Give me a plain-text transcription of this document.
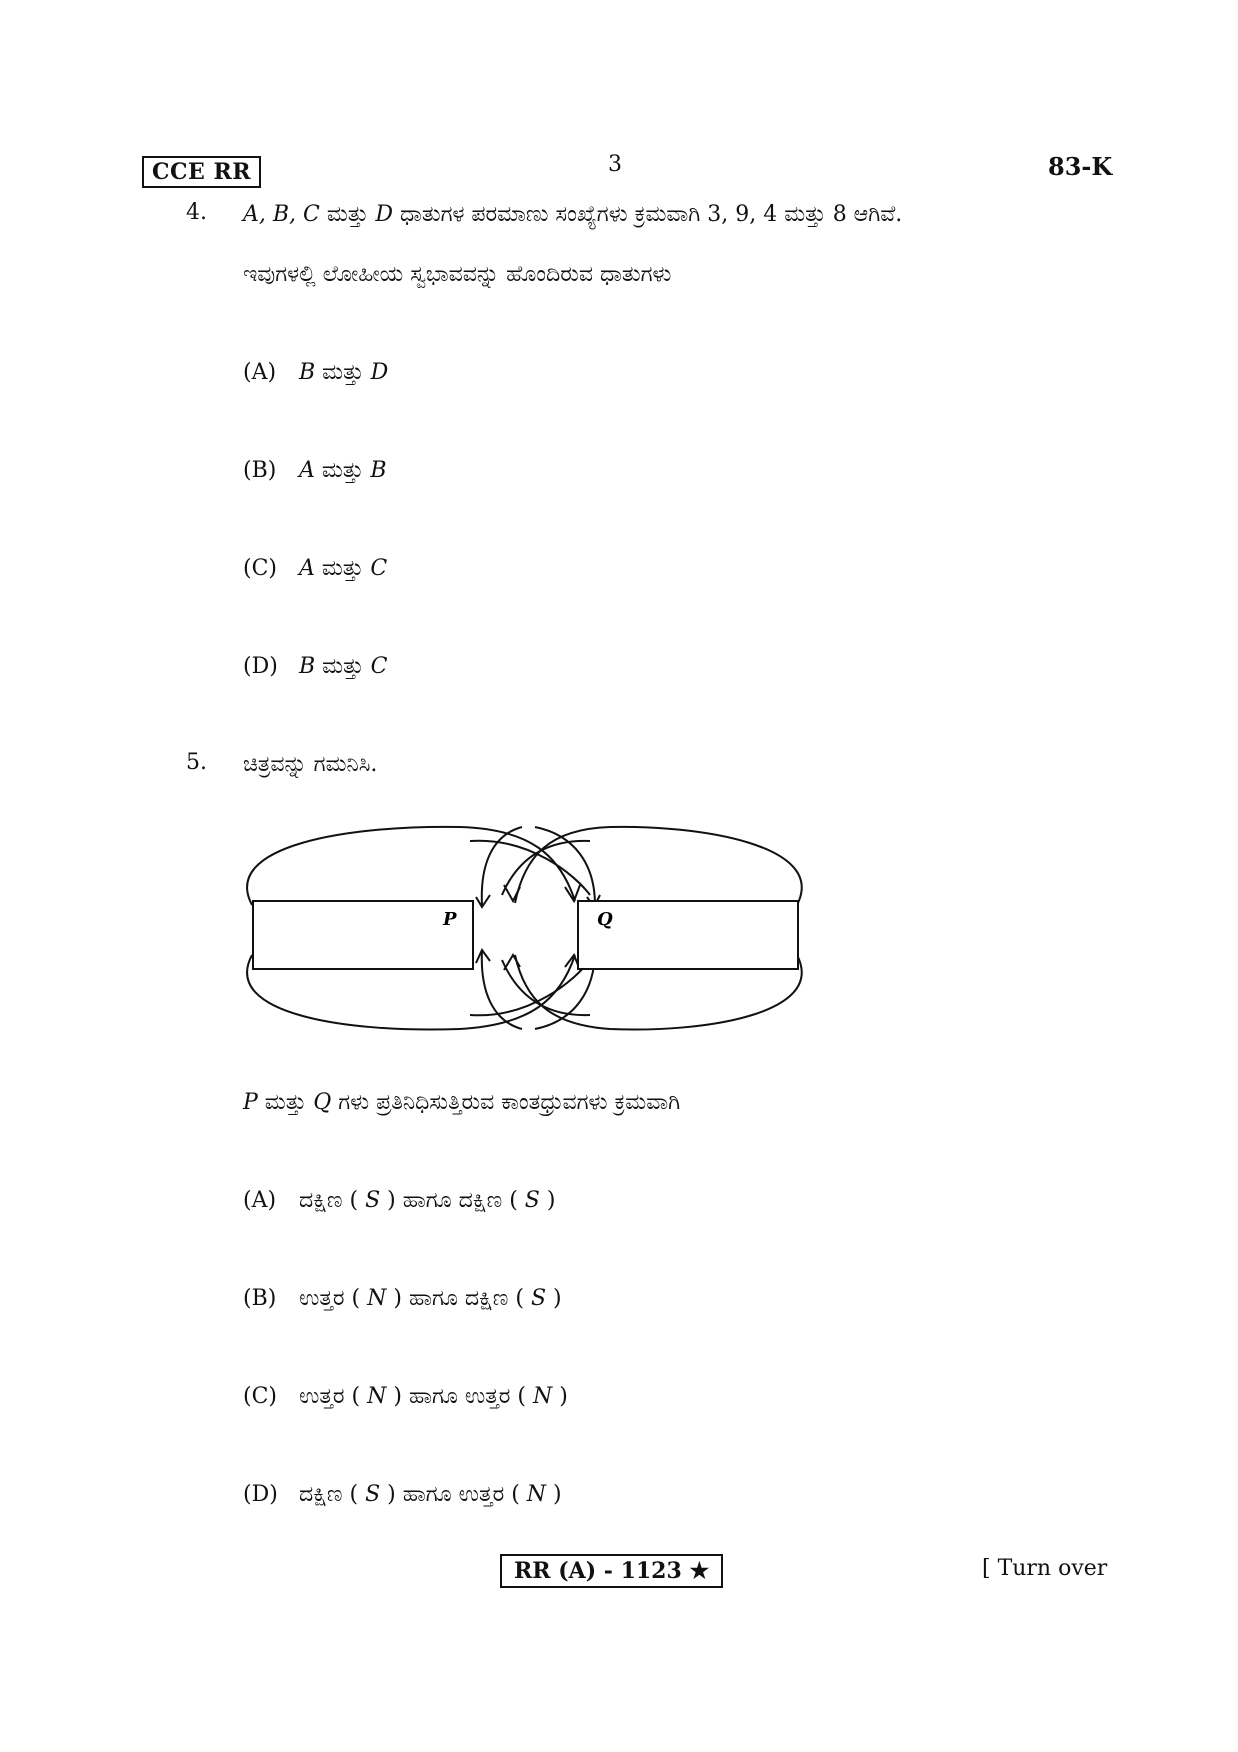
CCE RR	3	83-K
4. A, B, C ಮತ್ತು D ಧಾತುಗಳ ಪರಮಾಣು ಸಂಖ್ಯೆಗಳು ಕ್ರಮವಾಗಿ 3, 9, 4 ಮತ್ತು 8 ಆಗಿವೆ.
ಇವುಗಳಲ್ಲಿ ಲೋಹೀಯ ಸ್ವಭಾವವನ್ನು ಹೊಂದಿರುವ ಧಾತುಗಳು
(A) B ಮತ್ತು D
(B) A ಮತ್ತು B
(C) A ಮತ್ತು C
(D) B ಮತ್ತು C
5. ಚಿತ್ರವನ್ನು ಗಮನಿಸಿ.
P	Q
P ಮತ್ತು Q ಗಳು ಪ್ರತಿನಿಧಿಸುತ್ತಿರುವ ಕಾಂತಧ್ರುವಗಳು ಕ್ರಮವಾಗಿ
(A) ದಕ್ಷಿಣ ( S ) ಹಾಗೂ ದಕ್ಷಿಣ ( S )
(B) ಉತ್ತರ ( N ) ಹಾಗೂ ದಕ್ಷಿಣ ( S )
(C) ಉತ್ತರ ( N ) ಹಾಗೂ ಉತ್ತರ ( N )
(D) ದಕ್ಷಿಣ ( S ) ಹಾಗೂ ಉತ್ತರ ( N )
RR (A) - 1123 ★	[ Turn over
